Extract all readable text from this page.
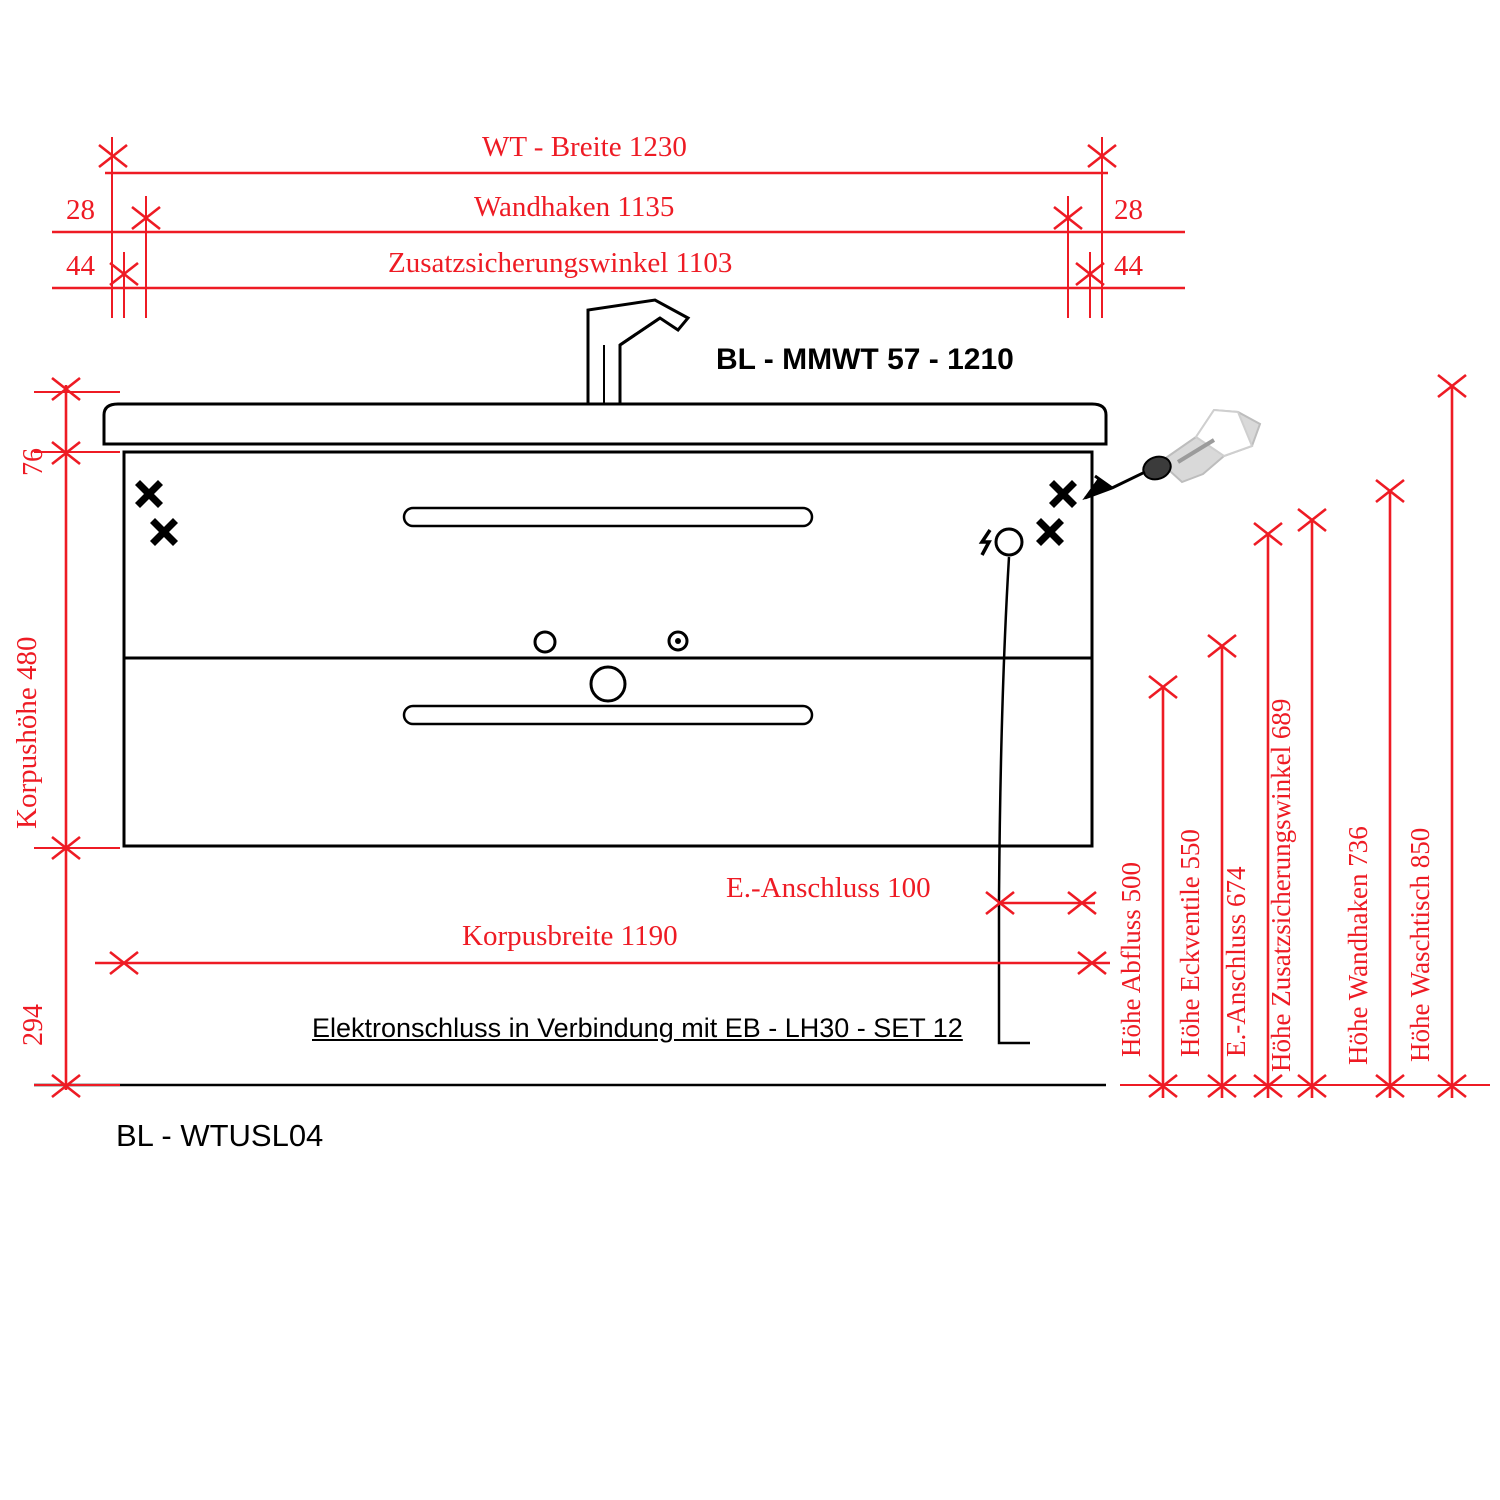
WT - Breite 1230
Wandhaken 1135
Zusatzsicherungswinkel 1103
28	28
44	44
76
Korpushöhe 480
294	Höhe Abfluss 500 Höhe Eckventile 550 E.-Anschluss 674 Höhe Zusatzsicherungswinkel 689 Höhe Wandhaken 736 Höhe Waschtisch 850
BL - MMWT 57 - 1210
E.-Anschluss 100
Korpusbreite 1190
Elektronschluss in Verbindung mit EB - LH30 - SET 12
BL - WTUSL04
